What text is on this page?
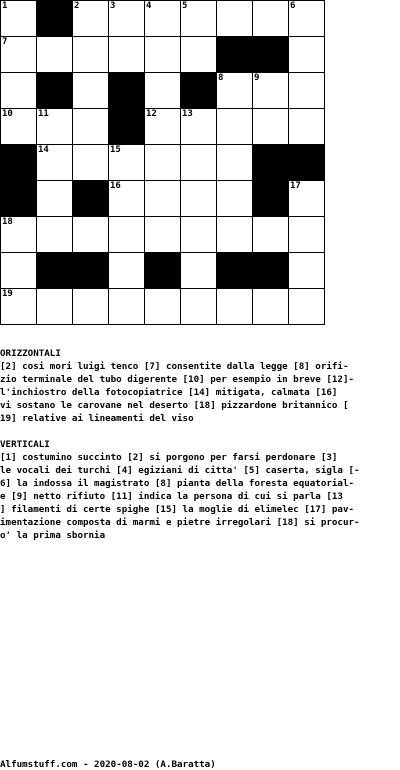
1		2	3	4	5			6

7								

						8	9	

10	11			12	13			

	14		15					

			16					17

18								

19								

ORIZZONTALI

[2] cosi mori luigi tenco [7] consentite dalla legge [8] orifi-
zio terminale del tubo digerente [10] per esempio in breve [12]-
l'inchiostro della fotocopiatrice [14] mitigata, calmata [16]
vi sostano le carovane nel deserto [18] pizzardone britannico [
19] relative ai lineamenti del viso

VERTICALI

[1] costumino succinto [2] si porgono per farsi perdonare [3]
le vocali dei turchi [4] egiziani di citta' [5] caserta, sigla [-
6] la indossa il magistrato [8] pianta della foresta equatorial-
e [9] netto rifiuto [11] indica la persona di cui si parla [13
] filamenti di certe spighe [15] la moglie di elimelec [17] pav-
imentazione composta di marmi e pietre irregolari [18] si procur-
o' la prima sbornia

Alfumstuff.com - 2020-08-02 (A.Baratta)
